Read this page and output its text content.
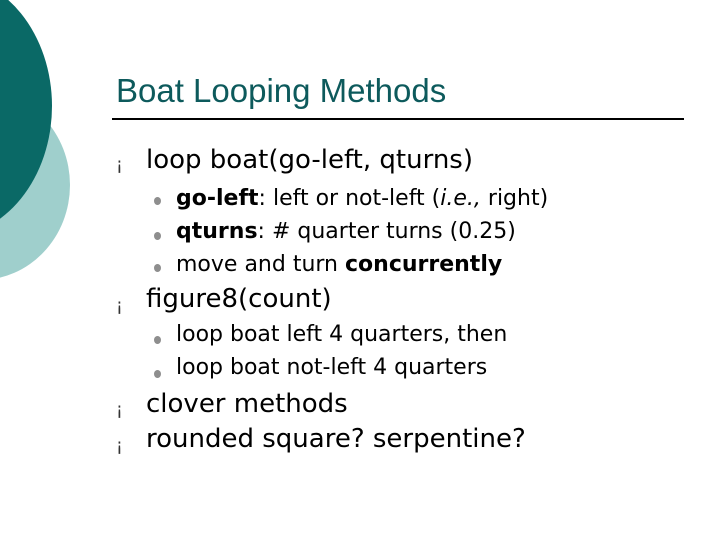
Boat Looping Methods
¡ loop boat(go-left, qturns)
go-left: left or not-left (i.e., right)
qturns: # quarter turns (0.25)
move and turn concurrently
¡ figure8(count)
loop boat left 4 quarters, then
loop boat not-left 4 quarters
¡ clover methods
¡ rounded square? serpentine?
